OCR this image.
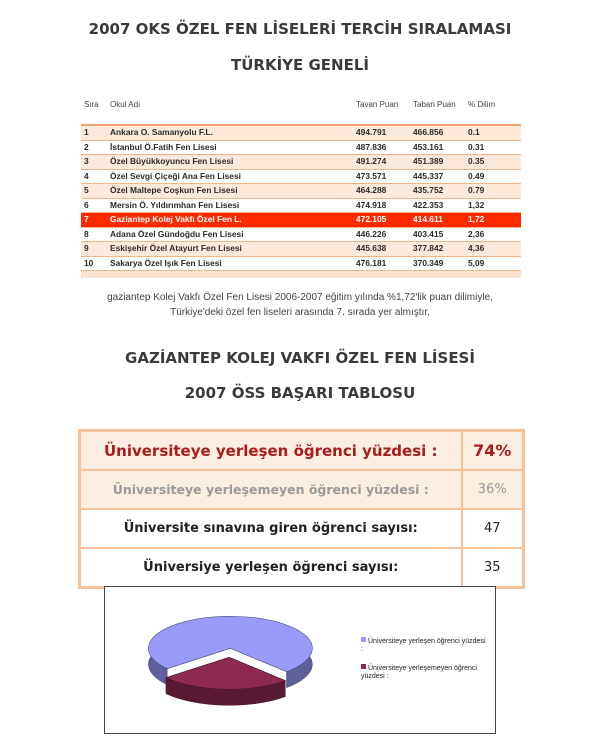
2007 OKS ÖZEL FEN LİSELERİ TERCİH SIRALAMASI
TÜRKİYE GENELİ
Sıra	Okul Adı	Tavan Puan	Taban Puan	% Dilim
1	Ankara O. Samanyolu F.L.	494.791	466.856	0.1
2	İstanbul Ö.Fatih Fen Lisesi	487.836	453.161	0.31
3	Özel Büyükkoyuncu Fen Lisesi	491.274	451.389	0.35
4	Özel Sevgi Çiçeği Ana Fen Lisesi	473.571	445.337	0.49
5	Özel Maltepe Coşkun Fen Lisesi	464.288	435.752	0.79
6	Mersin Ö. Yıldırımhan Fen Lisesi	474.918	422.353	1,32
7	Gaziantep Kolej Vakfı Özel Fen L.	472.105	414.611	1,72
8	Adana Özel Gündoğdu Fen Lisesi	446.226	403.415	2,36
9	Eskişehir Özel Atayurt Fen Lisesi	445.638	377.842	4,36
10	Sakarya Özel Işık Fen Lisesi	476.181	370.349	5,09
gaziantep Kolej Vakfı Özel Fen Lisesi 2006-2007 eğitim yılında %1,72'lik puan dilimiyle,
Türkiye'deki özel fen liseleri arasında 7. sırada yer almıştır.
GAZİANTEP KOLEJ VAKFI ÖZEL FEN LİSESİ
2007 ÖSS BAŞARI TABLOSU
Üniversiteye yerleşen öğrenci yüzdesi :	74%
Üniversiteye yerleşemeyen öğrenci yüzdesi :	36%
Üniversite sınavına giren öğrenci sayısı:	47
Üniversiye yerleşen öğrenci sayısı:	35
Üniversiteye yerleşen öğrenci yüzdesi :
Üniversiteye yerleşemeyen öğrenci yüzdesi :
